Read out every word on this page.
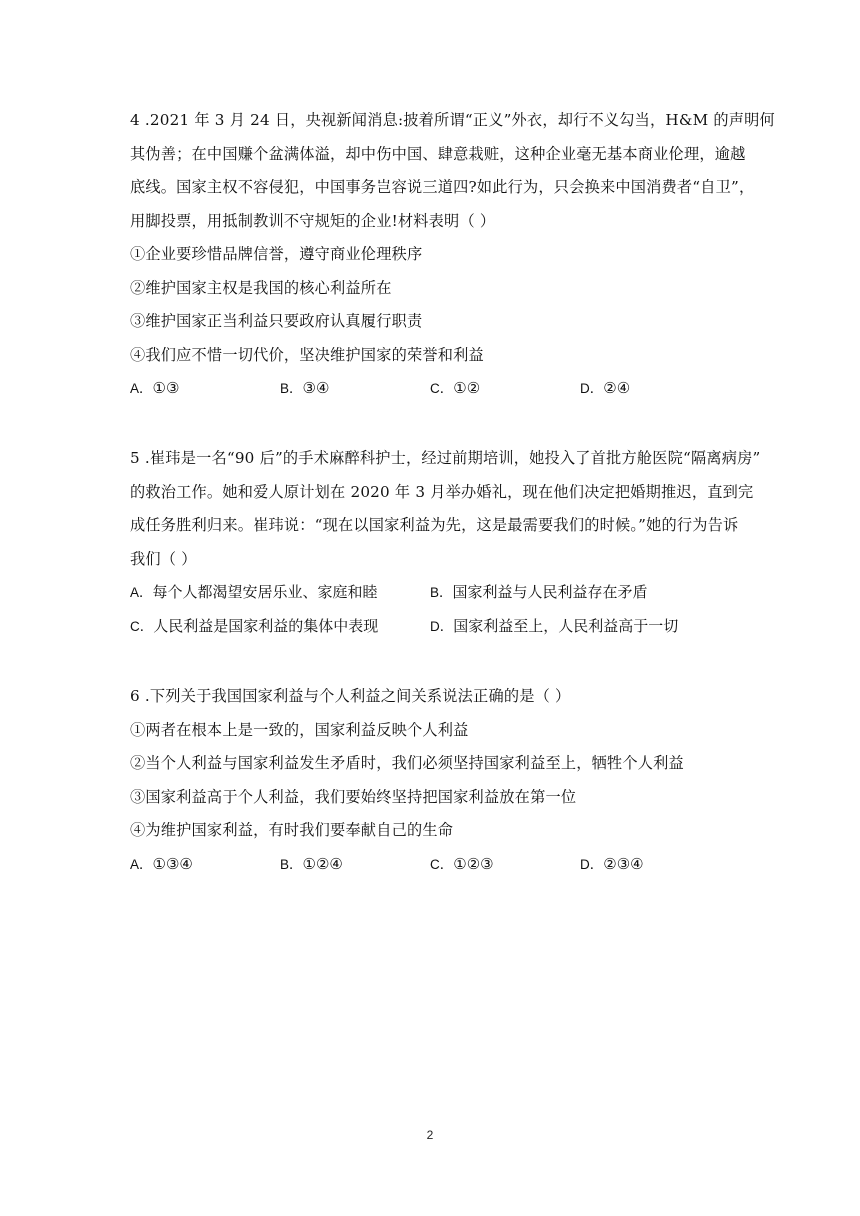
4 .2021 年 3 月 24 日，央视新闻消息:披着所谓“正义”外衣，却行不义勾当，H&M 的声明何
其伪善；在中国赚个盆满体溢，却中伤中国、肆意栽赃，这种企业毫无基本商业伦理，逾越
底线。国家主权不容侵犯，中国事务岂容说三道四?如此行为，只会换来中国消费者“自卫”，
用脚投票，用抵制教训不守规矩的企业!材料表明（ ）
①企业要珍惜品牌信誉，遵守商业伦理秩序
②维护国家主权是我国的核心利益所在
③维护国家正当利益只要政府认真履行职责
④我们应不惜一切代价，坚决维护国家的荣誉和利益
A．①③	B．③④	C．①②	D．②④
5 .崔玮是一名“90 后”的手术麻醉科护士，经过前期培训，她投入了首批方舱医院“隔离病房”
的救治工作。她和爱人原计划在 2020 年 3 月举办婚礼，现在他们决定把婚期推迟，直到完
成任务胜利归来。崔玮说：“现在以国家利益为先，这是最需要我们的时候。”她的行为告诉
我们（ ）
A．每个人都渴望安居乐业、家庭和睦	B．国家利益与人民利益存在矛盾
C．人民利益是国家利益的集体中表现	D．国家利益至上，人民利益高于一切
6 .下列关于我国国家利益与个人利益之间关系说法正确的是（ ）
①两者在根本上是一致的，国家利益反映个人利益
②当个人利益与国家利益发生矛盾时，我们必须坚持国家利益至上，牺牲个人利益
③国家利益高于个人利益，我们要始终坚持把国家利益放在第一位
④为维护国家利益，有时我们要奉献自己的生命
A．①③④	B．①②④	C．①②③	D．②③④
2
